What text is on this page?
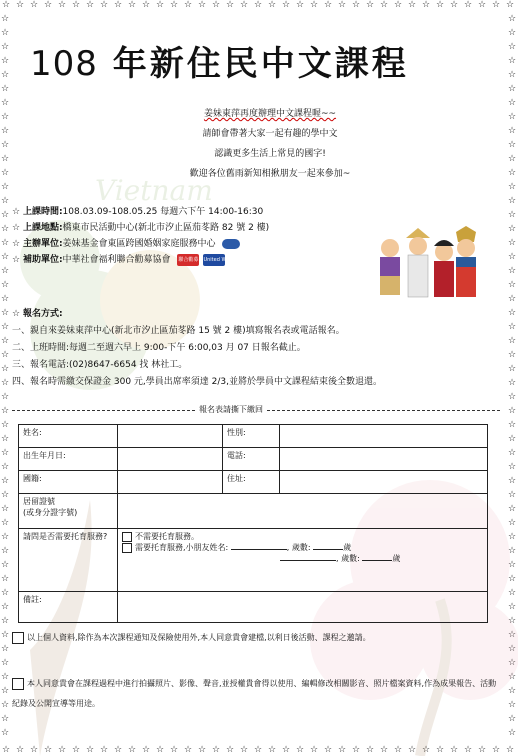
☆
☆
☆
☆
☆
☆
☆
☆
☆
☆
☆
☆
☆
☆
☆
☆
☆
☆
☆
☆
☆
☆
☆
☆
☆
☆
☆
☆
☆
☆
☆
☆
☆
☆
☆
☆
☆
☆
☆
☆
☆
☆
☆
☆
☆
☆
☆
☆
☆
☆
☆
☆
☆
☆
☆
☆
☆
☆
☆
☆
☆
☆
☆
☆
☆
☆
☆
☆
☆
☆
☆
☆
☆
☆
☆	☆
☆	☆
☆	☆
☆	☆
☆	☆
☆	☆
☆	☆
☆	☆
☆	☆
☆	☆
☆	☆
☆	☆
☆	☆
☆	☆
☆	☆
☆	☆
☆	☆
☆	☆
☆	☆
☆	☆
☆	☆
☆	☆
☆	☆
☆	☆
☆	☆
☆	☆
☆	☆
☆	☆
☆	☆
☆	☆
☆	☆
☆	☆
☆	☆
☆	☆
☆	☆
☆	☆
☆	☆
☆	☆
☆	☆
☆	☆
☆	☆
☆	☆
☆	☆
☆	☆
☆	☆
☆	☆
☆	☆
☆	☆
☆	☆
☆	☆
☆	☆
☆	☆
Vietnam
108 年新住民中文課程
姜妹東萍再度辦理中文課程喔~~
請師會帶著大家一起有趣的學中文
認識更多生活上常見的國字!
歡迎各位舊雨新知相揪朋友一起來參加~
☆ 上課時間:108.03.09-108.05.25 每週六下午 14:00-16:30
☆ 上課地點:橋東市民活動中心(新北市汐止區茄苳路 82 號 2 樓)
☆ 主辦單位:姜妹基金會東區跨國婚姻家庭服務中心
☆ 補助單位:中華社會福利聯合勸募協會 聯合勸募 United Way
☆ 報名方式:
一、親自來姜妹東萍中心(新北市汐止區茄苳路 15 號 2 樓)填寫報名表或電話報名。
二、上班時間:每週二至週六早上 9:00-下午 6:00,03 月 07 日報名截止。
三、報名電話:(02)8647-6654 找 林社工。
四、報名時需繳交保證金 300 元,學員出席率須達 2/3,並將於學員中文課程結束後全數退還。
報名表請撕下繳回
姓名:		性別:	
出生年月日:		電話:	
國籍:		住址:	

居留證號
(或身分證字號)			

請問是否需要托育服務?	不需要托育服務。
需要托育服務,小朋友姓名: , 歲數: 歲
, 歲數: 歲		

備註:			
以上個人資料,除作為本次課程通知及保險使用外,本人同意貴會建檔,以利日後活動、課程之邀請。
本人同意貴會在課程過程中進行拍攝照片、影像、聲音,並授權貴會得以使用、編輯修改相關影音、照片檔案資料,作為成果報告、活動紀錄及公開宣導等用途。
